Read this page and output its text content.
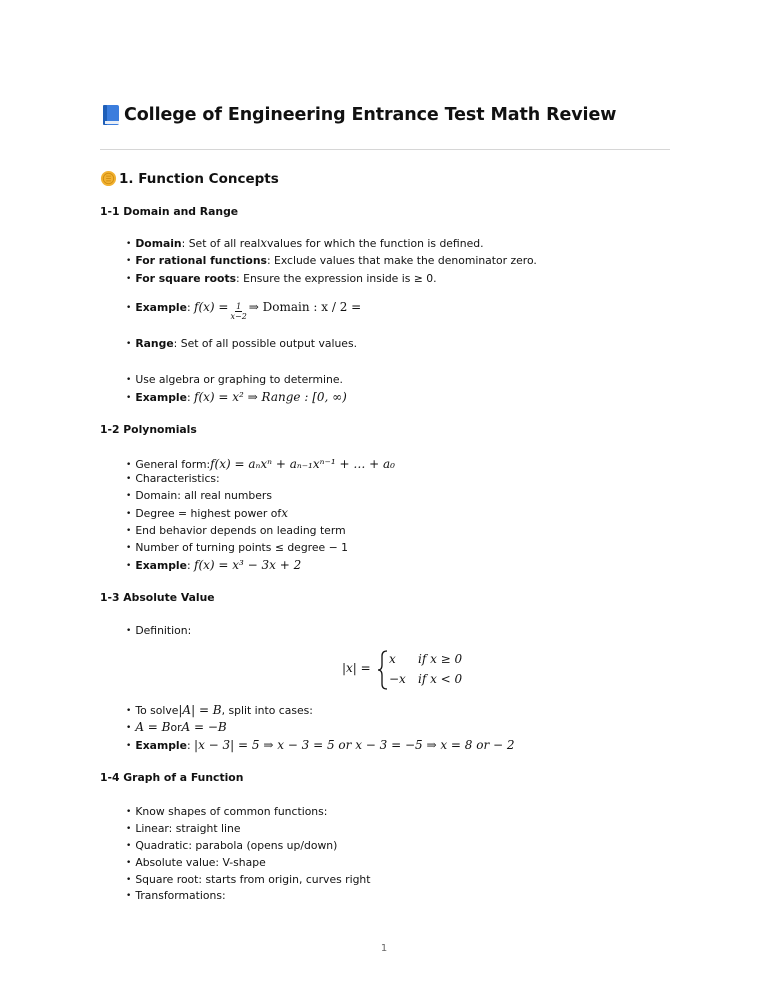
College of Engineering Entrance Test Math Review
1. Function Concepts
1-1 Domain and Range
• Domain : Set of all real x values for which the function is defined.
• For rational functions : Exclude values that make the denominator zero.
• For square roots : Ensure the expression inside is ≥ 0.
• Example : $f(x) = \frac{1}{x-2}$ ⇒ Domain : x / 2 =
• Range : Set of all possible output values.
• Use algebra or graphing to determine.
• Example : f(x) = x² ⇒ Range : [0, ∞)
1-2 Polynomials
• General form: f(x) = aₙxⁿ + aₙ₋₁xⁿ⁻¹ + … + a₀
• Characteristics:
• Domain: all real numbers
• Degree = highest power of x
• End behavior depends on leading term
• Number of turning points ≤ degree − 1
• Example : f(x) = x³ − 3x + 2
1-3 Absolute Value
• Definition:
|x| =
x if x ≥ 0
−x if x < 0
• To solve |A| = B , split into cases:
• A = B or A = −B
• Example : |x − 3| = 5 ⇒ x − 3 = 5 or x − 3 = −5 ⇒ x = 8 or − 2
1-4 Graph of a Function
• Know shapes of common functions:
• Linear: straight line
• Quadratic: parabola (opens up/down)
• Absolute value: V-shape
• Square root: starts from origin, curves right
• Transformations:
1
